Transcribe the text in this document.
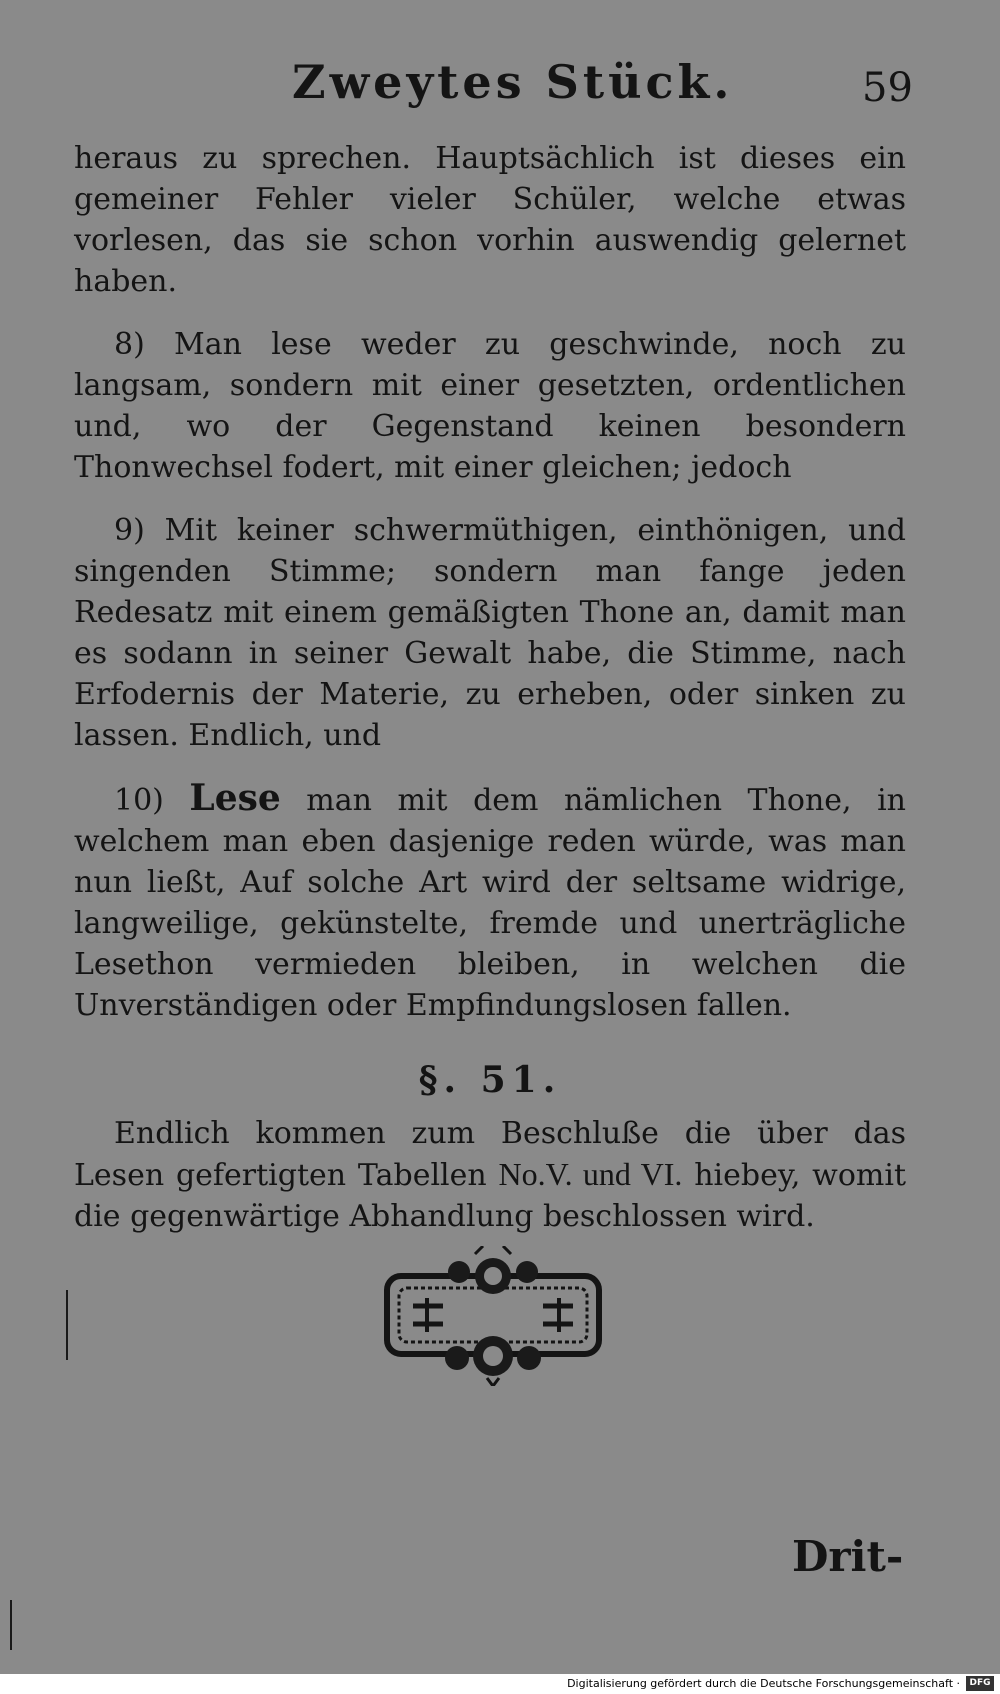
Zweytes Stück.	59

heraus zu sprechen. Hauptsächlich ist dieses ein gemeiner Fehler vieler Schüler, welche etwas vorlesen, das sie schon vorhin auswendig gelernet haben.

8) Man lese weder zu geschwinde, noch zu langsam, sondern mit einer gesetzten, ordentlichen und, wo der Gegenstand keinen besondern Thonwechsel fodert, mit einer gleichen; jedoch

9) Mit keiner schwermüthigen, einthönigen, und singenden Stimme; sondern man fange jeden Redesatz mit einem gemäßigten Thone an, damit man es sodann in seiner Gewalt habe, die Stimme, nach Erfodernis der Materie, zu erheben, oder sinken zu lassen. Endlich, und

10) Lese man mit dem nämlichen Thone, in welchem man eben dasjenige reden würde, was man nun ließt, Auf solche Art wird der seltsame widrige, langweilige, gekünstelte, fremde und unerträgliche Lesethon vermieden bleiben, in welchen die Unverständigen oder Empfindungslosen fallen.

§. 51.

Endlich kommen zum Beschluße die über das Lesen gefertigten Tabellen No.V. und VI. hiebey, womit die gegenwärtige Abhandlung beschlossen wird.

Drit-
Digitalisierung gefördert durch die Deutsche Forschungsgemeinschaft ·	DFG
